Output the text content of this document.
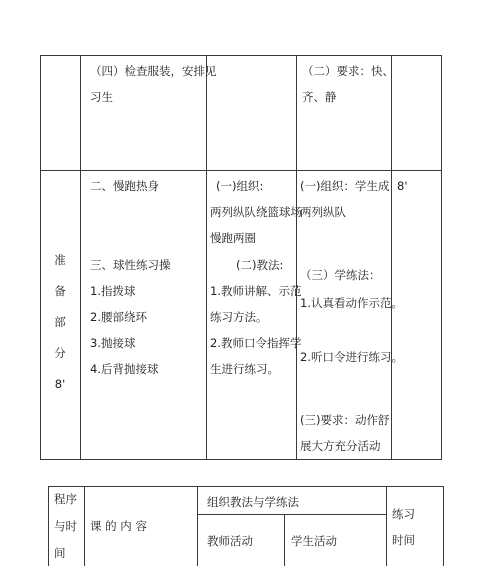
（四）检查服装，安排见
习生
（二）要求：快、
齐、静
准
备
部
分
8'
二、慢跑热身
三、球性练习操
1.指拨球
2.腰部绕环
3.抛接球
4.后背抛接球
(一)组织:
两列纵队绕篮球场
慢跑两圈
(二)教法:
1.教师讲解、示范
练习方法。
2.教师口令指挥学
生进行练习。
(一)组织：学生成
两列纵队
（三）学练法：
1.认真看动作示范。
2.听口令进行练习。
(三)要求：动作舒
展大方充分活动
8'
程序
与时
间
课 的 内 容
组织教法与学练法
教师活动	学生活动
练习
时间
